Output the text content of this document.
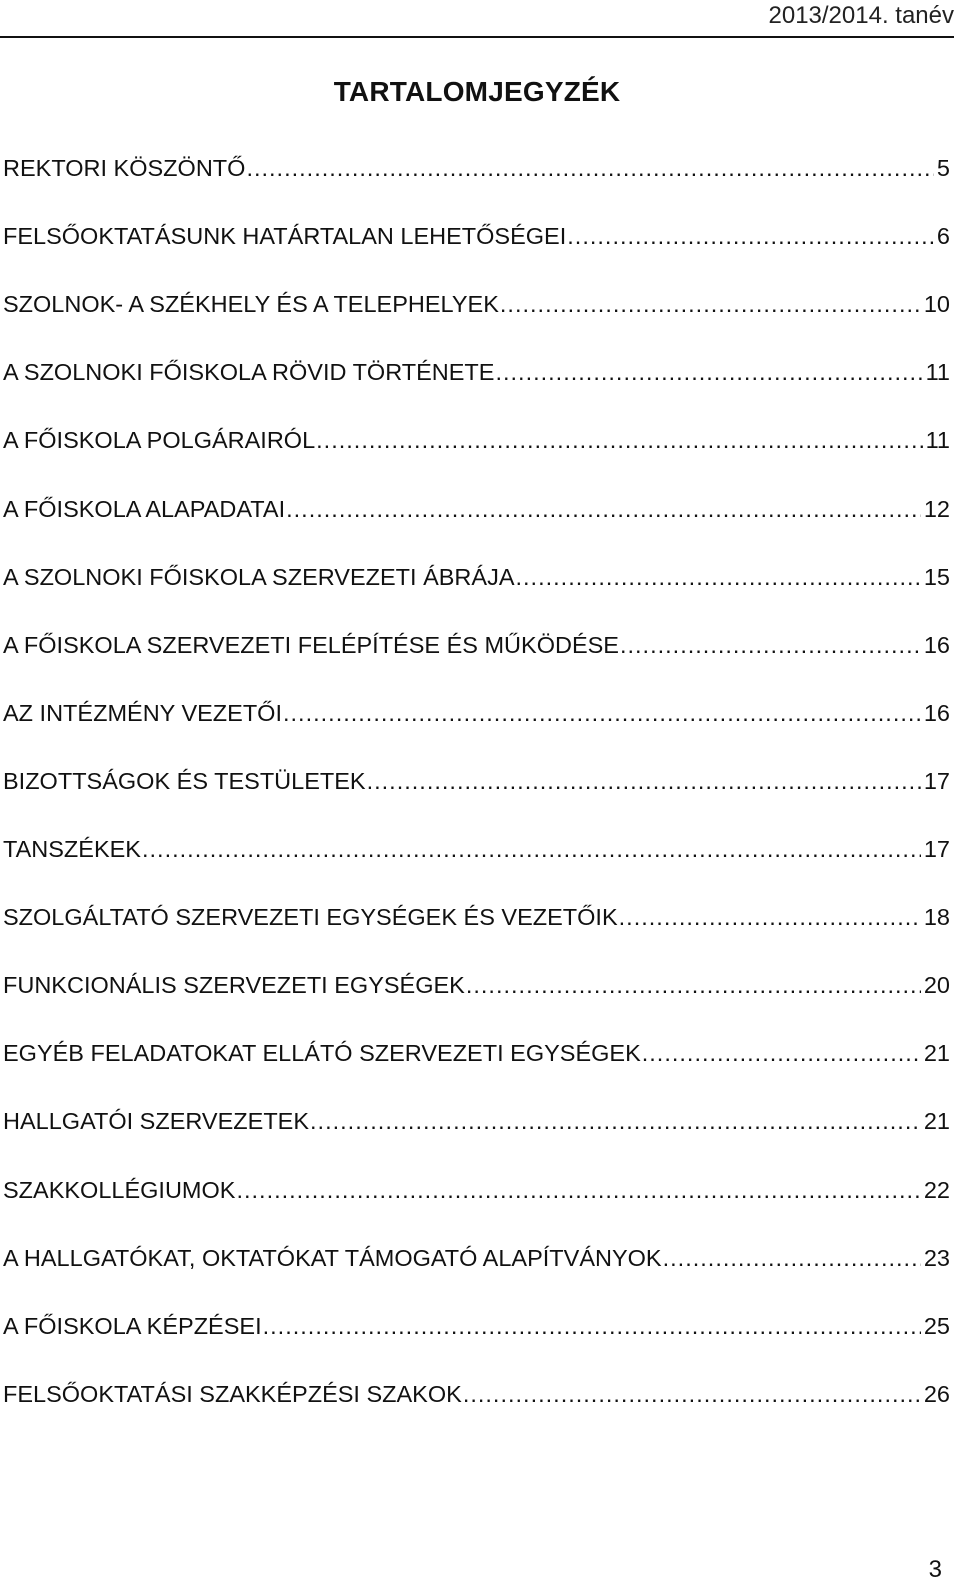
2013/2014. tanév
TARTALOMJEGYZÉK
REKTORI KÖSZÖNTŐ .....	5
FELSŐOKTATÁSUNK HATÁRTALAN LEHETŐSÉGEI .....	6
SZOLNOK- A SZÉKHELY ÉS A TELEPHELYEK .....	10
A SZOLNOKI FŐISKOLA RÖVID TÖRTÉNETE .....	11
A FŐISKOLA POLGÁRAIRÓL .....	11
A FŐISKOLA ALAPADATAI .....	12
A SZOLNOKI FŐISKOLA SZERVEZETI ÁBRÁJA .....	15
A FŐISKOLA SZERVEZETI FELÉPÍTÉSE ÉS MŰKÖDÉSE .....	16
AZ INTÉZMÉNY VEZETŐI .....	16
BIZOTTSÁGOK ÉS TESTÜLETEK .....	17
TANSZÉKEK .....	17
SZOLGÁLTATÓ SZERVEZETI EGYSÉGEK ÉS VEZETŐIK .....	18
FUNKCIONÁLIS SZERVEZETI EGYSÉGEK .....	20
EGYÉB FELADATOKAT ELLÁTÓ SZERVEZETI EGYSÉGEK .....	21
HALLGATÓI SZERVEZETEK .....	21
SZAKKOLLÉGIUMOK .....	22
A HALLGATÓKAT, OKTATÓKAT TÁMOGATÓ ALAPÍTVÁNYOK .....	23
A FŐISKOLA KÉPZÉSEI .....	25
FELSŐOKTATÁSI SZAKKÉPZÉSI SZAKOK .....	26
3
